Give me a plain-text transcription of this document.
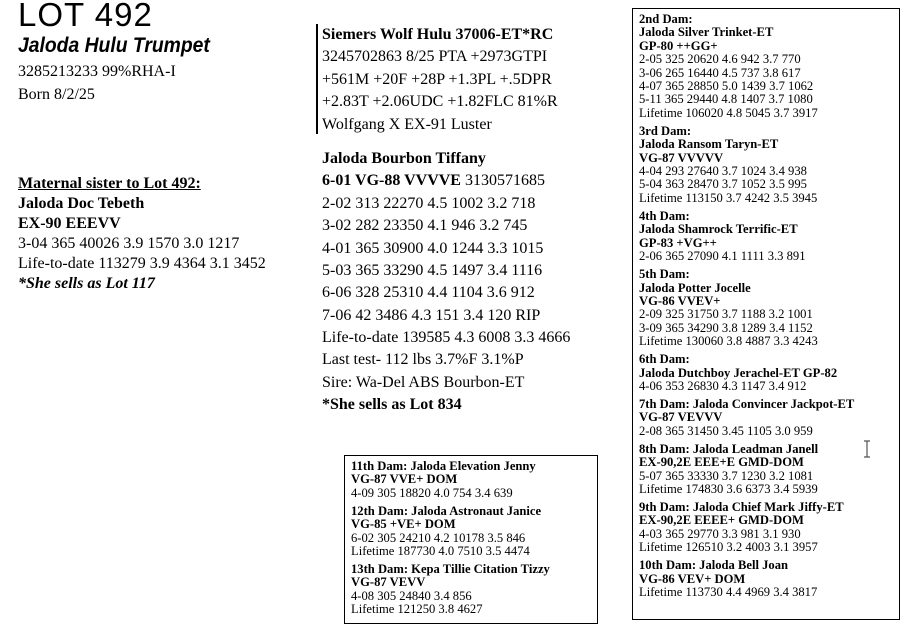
LOT 492
Jaloda Hulu Trumpet
3285213233 99%RHA-I
Born 8/2/25
Maternal sister to Lot 492:
Jaloda Doc Tebeth
EX-90 EEEVV
3-04 365 40026 3.9 1570 3.0 1217
Life-to-date 113279 3.9 4364 3.1 3452
*She sells as Lot 117
Siemers Wolf Hulu 37006-ET*RC
3245702863 8/25 PTA +2973GTPI
+561M +20F +28P +1.3PL +.5DPR
+2.83T +2.06UDC +1.82FLC 81%R
Wolfgang X EX-91 Luster
Jaloda Bourbon Tiffany
6-01 VG-88 VVVVE 3130571685
2-02 313 22270 4.5 1002 3.2 718
3-02 282 23350 4.1 946 3.2 745
4-01 365 30900 4.0 1244 3.3 1015
5-03 365 33290 4.5 1497 3.4 1116
6-06 328 25310 4.4 1104 3.6 912
7-06 42 3486 4.3 151 3.4 120 RIP
Life-to-date 139585 4.3 6008 3.3 4666
Last test- 112 lbs 3.7%F 3.1%P
Sire: Wa-Del ABS Bourbon-ET
*She sells as Lot 834
2nd Dam:
Jaloda Silver Trinket-ET
GP-80 ++GG+
2-05 325 20620 4.6 942 3.7 770
3-06 265 16440 4.5 737 3.8 617
4-07 365 28850 5.0 1439 3.7 1062
5-11 365 29440 4.8 1407 3.7 1080
Lifetime 106020 4.8 5045 3.7 3917
3rd Dam:
Jaloda Ransom Taryn-ET
VG-87 VVVVV
4-04 293 27640 3.7 1024 3.4 938
5-04 363 28470 3.7 1052 3.5 995
Lifetime 113150 3.7 4242 3.5 3945
4th Dam:
Jaloda Shamrock Terrific-ET
GP-83 +VG++
2-06 365 27090 4.1 1111 3.3 891
5th Dam:
Jaloda Potter Jocelle
VG-86 VVEV+
2-09 325 31750 3.7 1188 3.2 1001
3-09 365 34290 3.8 1289 3.4 1152
Lifetime 130060 3.8 4887 3.3 4243
6th Dam:
Jaloda Dutchboy Jerachel-ET GP-82
4-06 353 26830 4.3 1147 3.4 912
7th Dam: Jaloda Convincer Jackpot-ET
VG-87 VEVVV
2-08 365 31450 3.45 1105 3.0 959
8th Dam: Jaloda Leadman Janell
EX-90,2E EEE+E GMD-DOM
5-07 365 33330 3.7 1230 3.2 1081
Lifetime 174830 3.6 6373 3.4 5939
9th Dam: Jaloda Chief Mark Jiffy-ET
EX-90,2E EEEE+ GMD-DOM
4-03 365 29770 3.3 981 3.1 930
Lifetime 126510 3.2 4003 3.1 3957
10th Dam: Jaloda Bell Joan
VG-86 VEV+ DOM
Lifetime 113730 4.4 4969 3.4 3817
11th Dam: Jaloda Elevation Jenny
VG-87 VVE+ DOM
4-09 305 18820 4.0 754 3.4 639
12th Dam: Jaloda Astronaut Janice
VG-85 +VE+ DOM
6-02 305 24210 4.2 10178 3.5 846
Lifetime 187730 4.0 7510 3.5 4474
13th Dam: Kepa Tillie Citation Tizzy
VG-87 VEVV
4-08 305 24840 3.4 856
Lifetime 121250 3.8 4627
